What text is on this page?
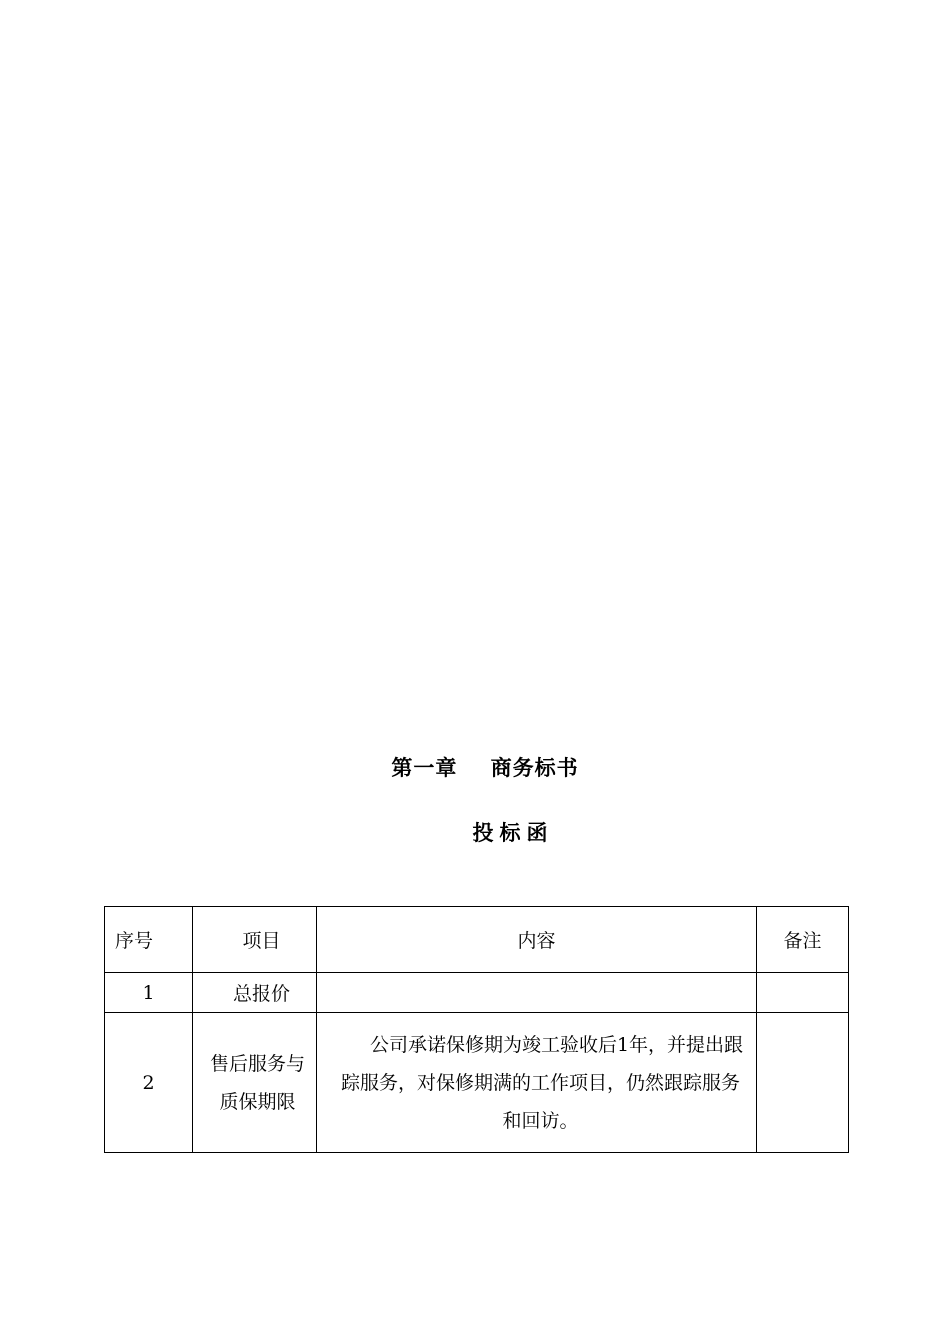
第一章    商务标书
投标函
序号	项目	内容	备注
1	总报价		
2	售后服务与质保期限	公司承诺保修期为竣工验收后1年，并提出跟踪服务，对保修期满的工作项目，仍然跟踪服务和回访。	
